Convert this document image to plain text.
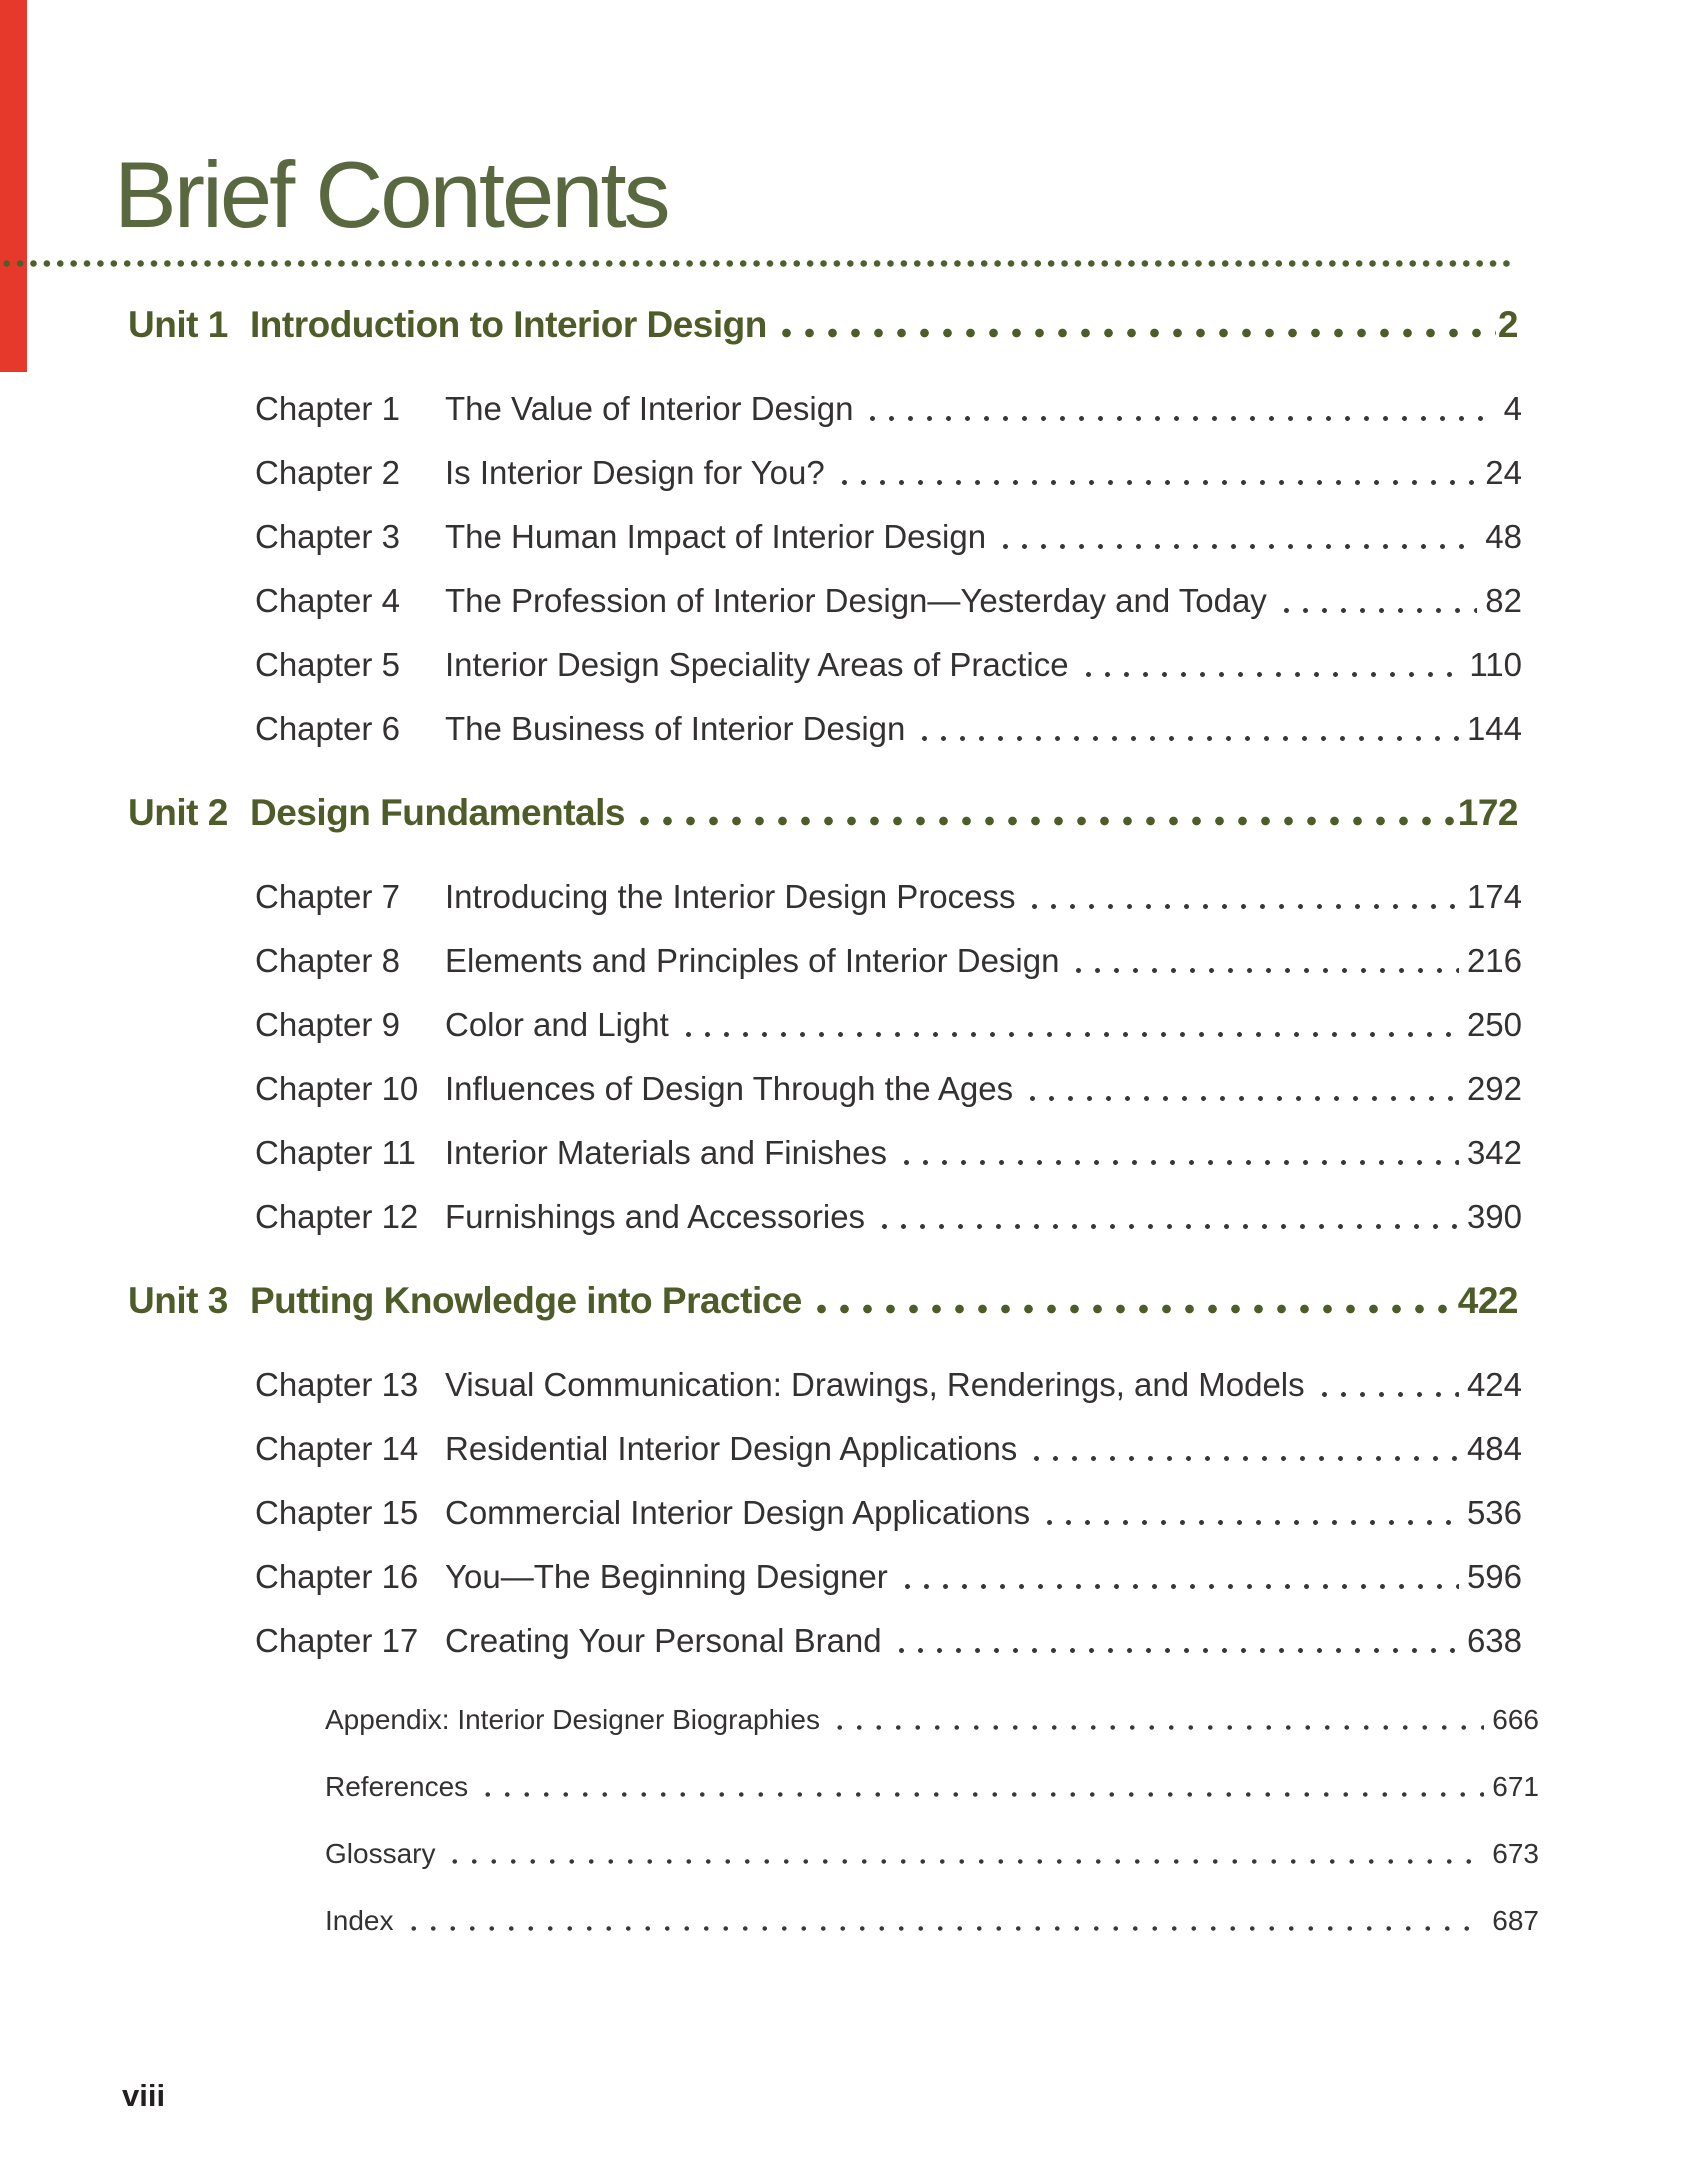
Brief Contents
Unit 1 Introduction to Interior Design	2
Chapter 1	The Value of Interior Design	4
Chapter 2	Is Interior Design for You?	24
Chapter 3	The Human Impact of Interior Design	48
Chapter 4	The Profession of Interior Design—Yesterday and Today	82
Chapter 5	Interior Design Speciality Areas of Practice	110
Chapter 6	The Business of Interior Design	144
Unit 2 Design Fundamentals	172
Chapter 7	Introducing the Interior Design Process	174
Chapter 8	Elements and Principles of Interior Design	216
Chapter 9	Color and Light	250
Chapter 10 Influences of Design Through the Ages	292
Chapter 11 Interior Materials and Finishes	342
Chapter 12 Furnishings and Accessories	390
Unit 3 Putting Knowledge into Practice	422
Chapter 13 Visual Communication: Drawings, Renderings, and Models	424
Chapter 14 Residential Interior Design Applications	484
Chapter 15 Commercial Interior Design Applications	536
Chapter 16 You—The Beginning Designer	596
Chapter 17 Creating Your Personal Brand	638
Appendix: Interior Designer Biographies	666
References	671
Glossary	673
Index	687
viii
